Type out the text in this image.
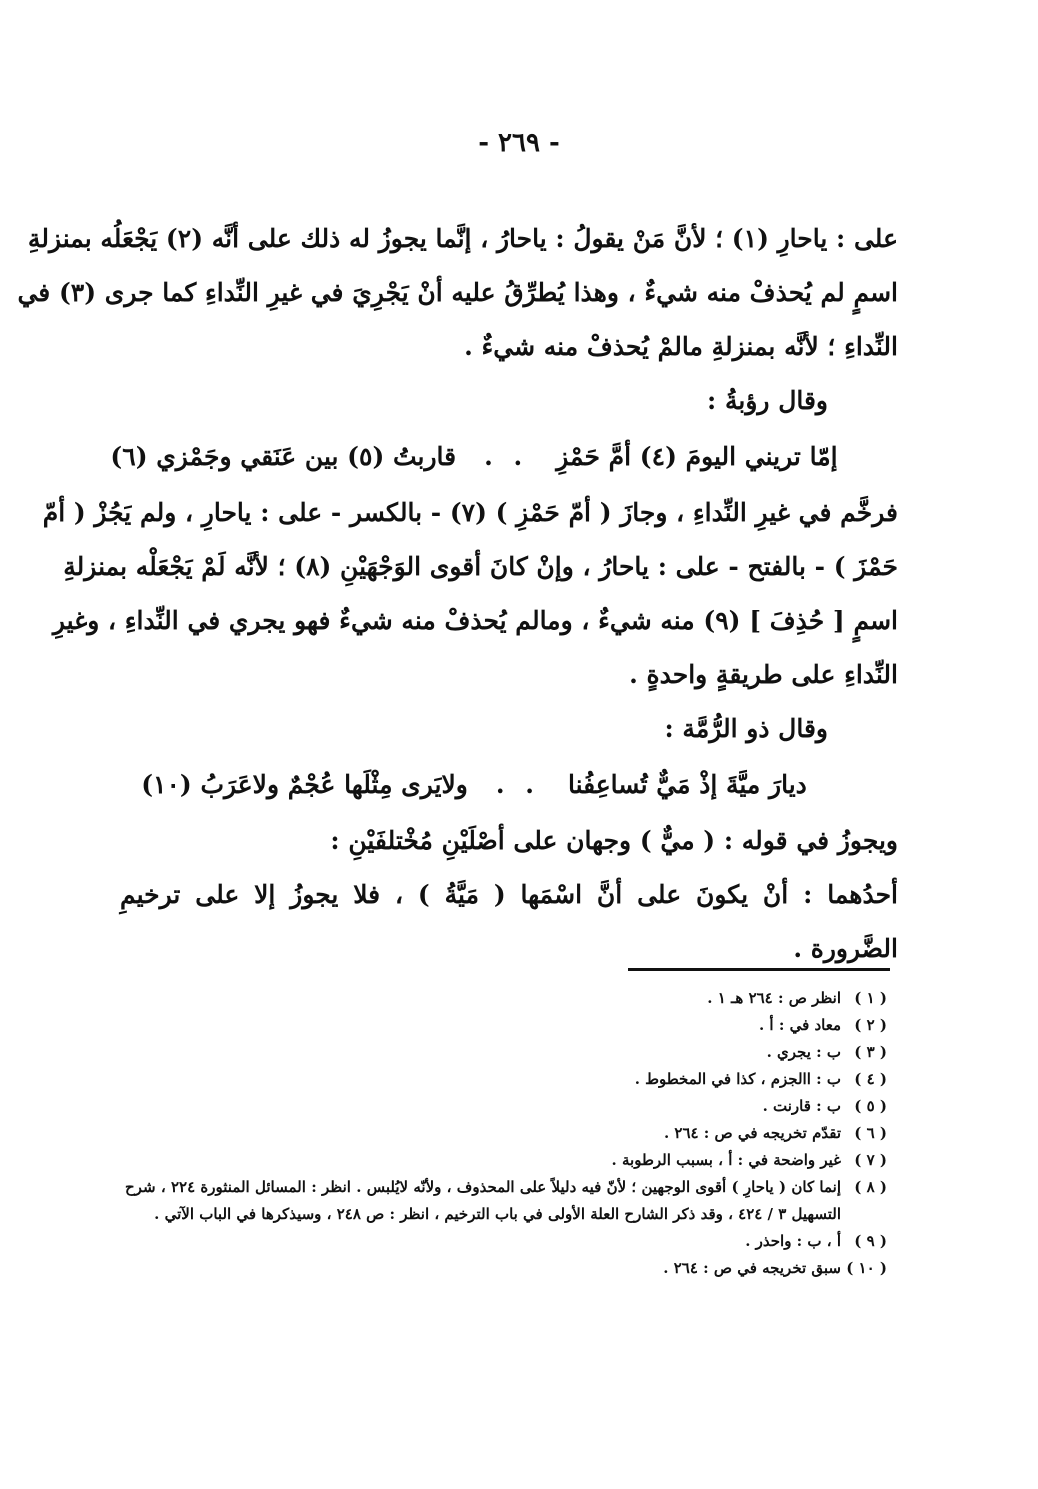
- ٢٦٩ -
على : ياحارِ (١) ؛ لأنَّ مَنْ يقولُ : ياحارُ ، إنَّما يجوزُ له ذلك على أنَّه (٢) يَجْعَلُه بمنزلةِ
اسمٍ لم يُحذفْ منه شيءٌ ، وهذا يُطرِّقُ عليه أنْ يَجْرِيَ في غيرِ النِّداءِ كما جرى (٣) في
النِّداءِ ؛ لأنَّه بمنزلةِ مالمْ يُحذفْ منه شيءٌ .
وقال رؤبةُ :
إمّا تريني اليومَ (٤) أمَّ حَمْزِ
. .
قاربتُ (٥) بين عَنَقي وجَمْزي (٦)
فرخَّم في غيرِ النِّداءِ ، وجازَ ( أمّ حَمْزِ ) (٧) - بالكسر - على : ياحارِ ، ولم يَجُزْ ( أمّ
حَمْزَ ) - بالفتح - على : ياحارُ ، وإنْ كانَ أقوى الوَجْهَيْنِ (٨) ؛ لأنَّه لَمْ يَجْعَلْه بمنزلةِ
اسمٍ [ حُذِفَ ] (٩) منه شيءٌ ، ومالم يُحذفْ منه شيءٌ فهو يجري في النِّداءِ ، وغيرِ
النِّداءِ على طريقةٍ واحدةٍ .
وقال ذو الرُّمَّة :
ديارَ ميَّةَ إذْ مَيٌّ تُساعِفُنا
. .
ولايَرى مِثْلَها عُجْمٌ ولاعَرَبُ (١٠)
ويجوزُ في قوله : ( ميٌّ ) وجهان على أصْلَيْنِ مُخْتلفَيْنِ :
أحدُهما : أنْ يكونَ على أنَّ اسْمَها ( مَيَّةُ ) ، فلا يجوزُ إلا على ترخيمِ
الضَّرورة .
( ١ )
انظر ص : ٢٦٤ هـ ١ .
( ٢ )
معاد في : أ .
( ٣ )
ب : يجري .
( ٤ )
ب : االجزم ، كذا في المخطوط .
( ٥ )
ب : قارنت .
( ٦ )
تقدّم تخريجه في ص : ٢٦٤ .
( ٧ )
غير واضحة في : أ ، بسبب الرطوبة .
( ٨ )
إنما كان ( ياحارِ ) أقوى الوجهين ؛ لأنّ فيه دليلاً على المحذوف ، ولأنّه لايُلبس . انظر : المسائل المنثورة ٢٢٤ ، شرح التسهيل ٣ / ٤٢٤ ، وقد ذكر الشارح العلة الأولى في باب الترخيم ، انظر : ص ٢٤٨ ، وسيذكرها في الباب الآتي .
( ٩ )
أ ، ب : واحذر .
( ١٠ )
سبق تخريجه في ص : ٢٦٤ .
